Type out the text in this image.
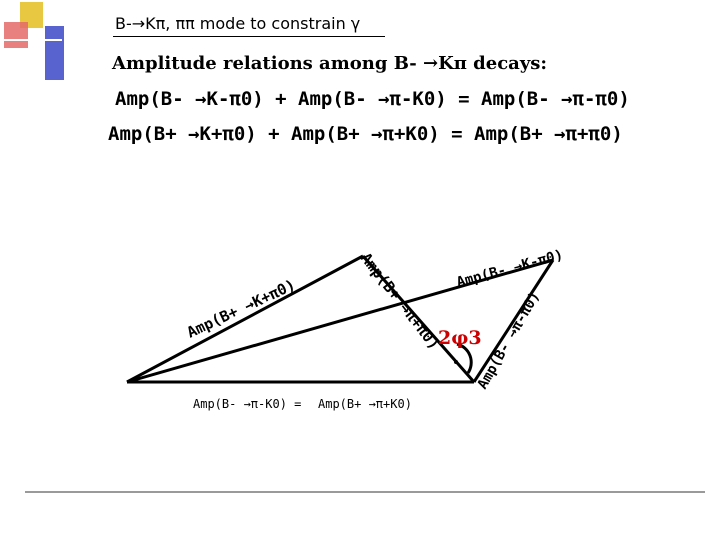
B-→Kπ, ππ mode to constrain γ
Amplitude relations among B- →Kπ decays:
Amp(B- →K-π0) + Amp(B- →π-K0) = Amp(B- →π-π0)
Amp(B+ →K+π0) + Amp(B+ →π+K0) = Amp(B+ →π+π0)
Amp(B- →π-K0) = Amp(B+ →π+K0)
Amp(B+ →K+π0)	Amp(B+ →π+π0) Amp(B- →K-π0)
Amp(B- →π-π0)
2φ3
